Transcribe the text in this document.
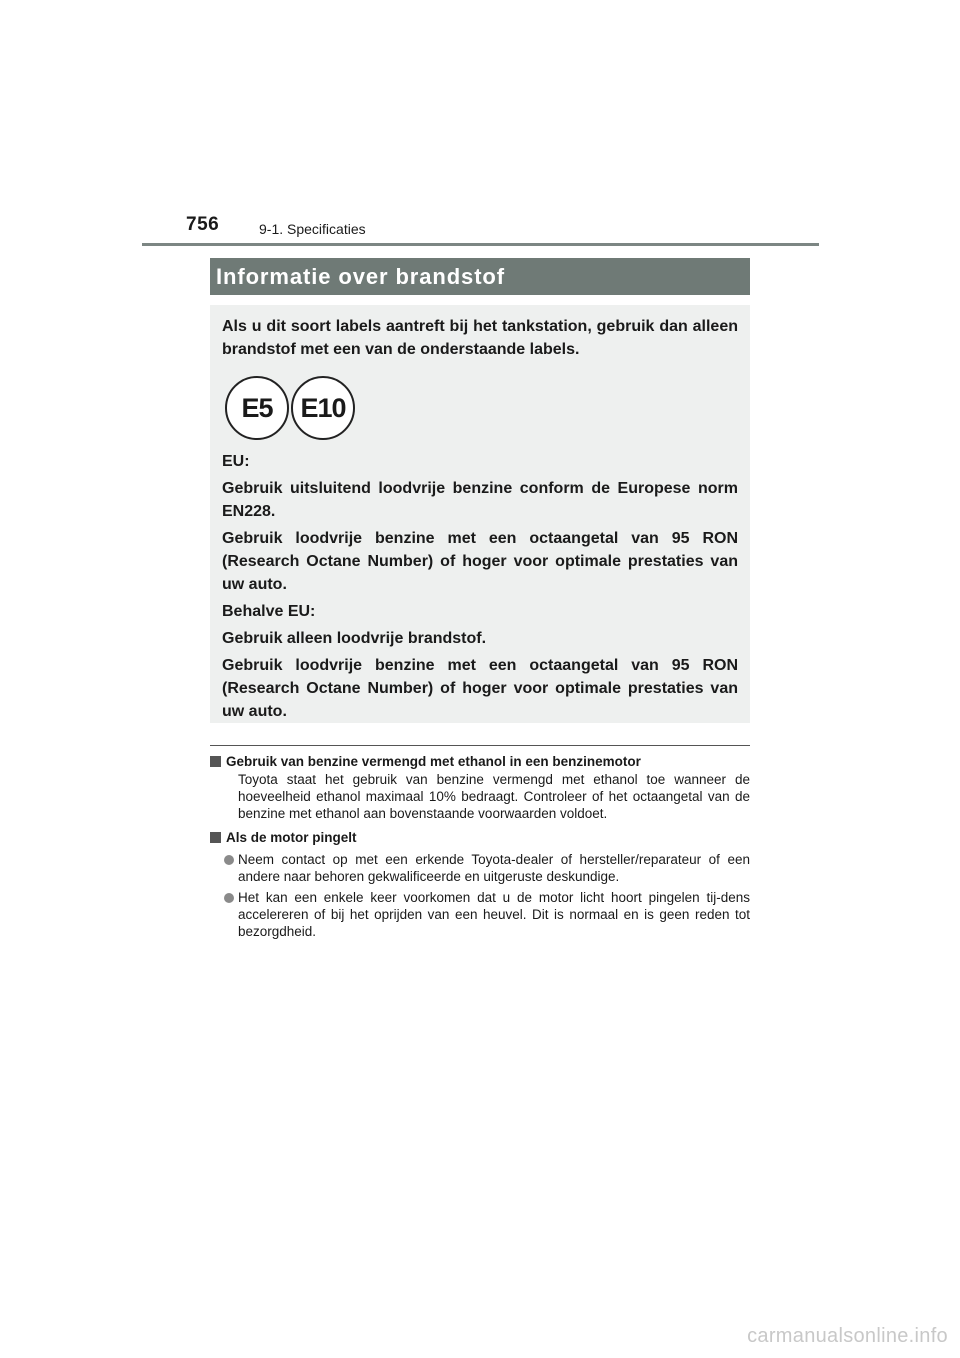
756	9-1. Specificaties
Informatie over brandstof

Als u dit soort labels aantreft bij het tankstation, gebruik dan alleen brandstof met een van de onderstaande labels.

E5	E10

EU:

Gebruik uitsluitend loodvrije benzine conform de Europese norm EN228.

Gebruik loodvrije benzine met een octaangetal van 95 RON (Research Octane Number) of hoger voor optimale prestaties van uw auto.

Behalve EU:

Gebruik alleen loodvrije brandstof.

Gebruik loodvrije benzine met een octaangetal van 95 RON (Research Octane Number) of hoger voor optimale prestaties van uw auto.

Gebruik van benzine vermengd met ethanol in een benzinemotor

Toyota staat het gebruik van benzine vermengd met ethanol toe wanneer de hoeveelheid ethanol maximaal 10% bedraagt. Controleer of het octaangetal van de benzine met ethanol aan bovenstaande voorwaarden voldoet.

Als de motor pingelt
Neem contact op met een erkende Toyota-dealer of hersteller/reparateur of een andere naar behoren gekwalificeerde en uitgeruste deskundige.
Het kan een enkele keer voorkomen dat u de motor licht hoort pingelen tij-dens accelereren of bij het oprijden van een heuvel. Dit is normaal en is geen reden tot bezorgdheid.
carmanualsonline.info
